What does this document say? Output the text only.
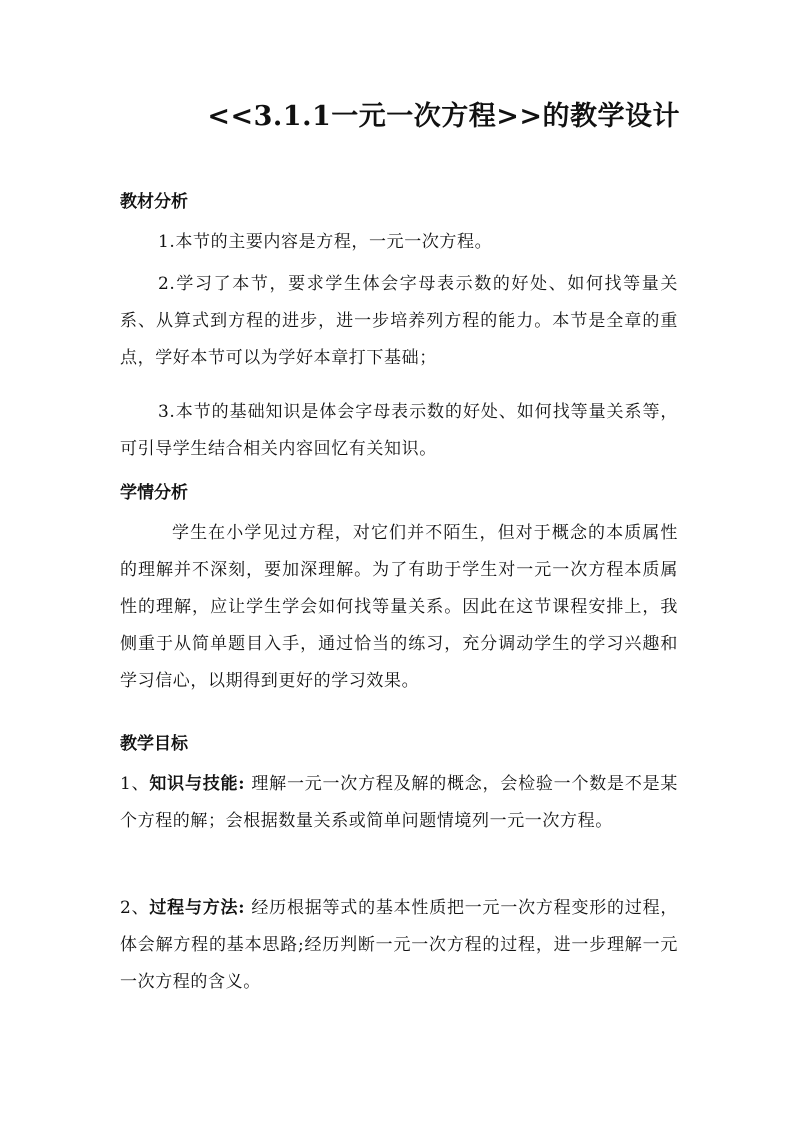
<<3.1.1一元一次方程>>的教学设计
教材分析
1.本节的主要内容是方程，一元一次方程。
2.学习了本节，要求学生体会字母表示数的好处、如何找等量关系、从算式到方程的进步，进一步培养列方程的能力。本节是全章的重点，学好本节可以为学好本章打下基础；
3.本节的基础知识是体会字母表示数的好处、如何找等量关系等，可引导学生结合相关内容回忆有关知识。
学情分析
学生在小学见过方程，对它们并不陌生，但对于概念的本质属性的理解并不深刻，要加深理解。为了有助于学生对一元一次方程本质属性的理解，应让学生学会如何找等量关系。因此在这节课程安排上，我侧重于从简单题目入手，通过恰当的练习，充分调动学生的学习兴趣和学习信心，以期得到更好的学习效果。
教学目标
1、知识与技能: 理解一元一次方程及解的概念，会检验一个数是不是某个方程的解；会根据数量关系或简单问题情境列一元一次方程。
2、过程与方法: 经历根据等式的基本性质把一元一次方程变形的过程，体会解方程的基本思路;经历判断一元一次方程的过程，进一步理解一元一次方程的含义。
